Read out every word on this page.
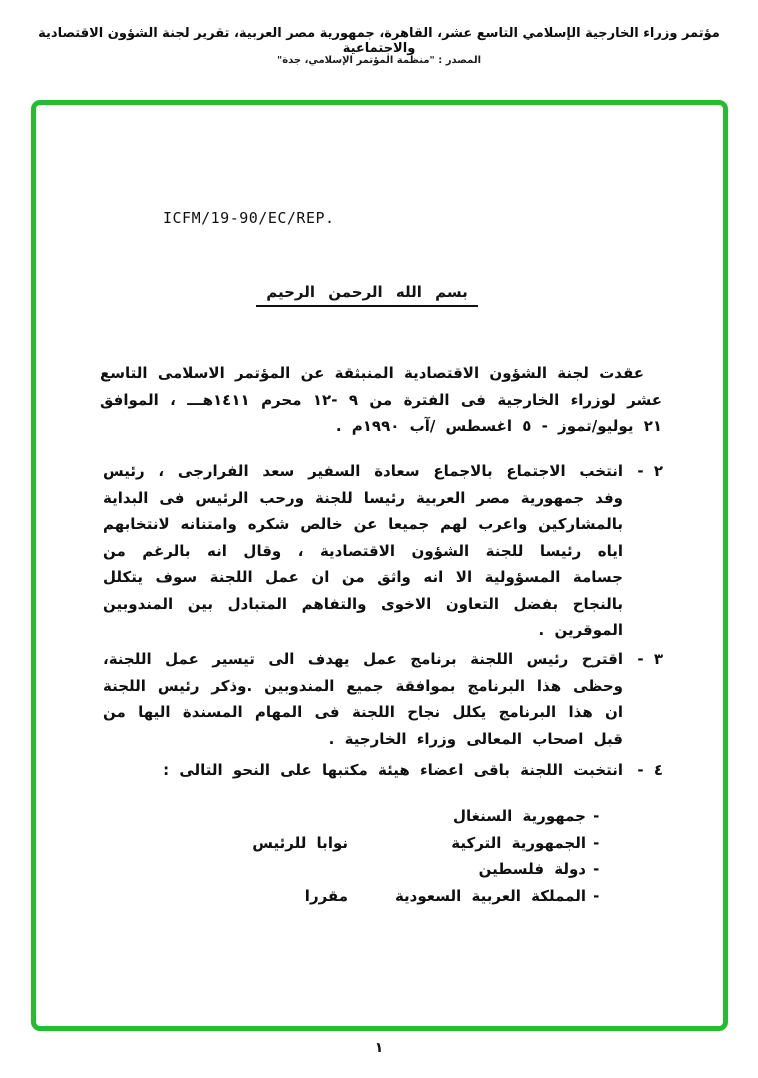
مؤتمر وزراء الخارجية الإسلامي التاسع عشر، القاهرة، جمهورية مصر العربية، تقرير لجنة الشؤون الاقتصادية والاجتماعية
المصدر : "منظمة المؤتمر الإسلامي، جدة"
ICFM/19-90/EC/REP.
بسم الله الرحمن الرحيم
عقدت لجنة الشؤون الاقتصادية المنبثقة عن المؤتمر الاسلامى التاسع عشر لوزراء الخارجية فى الفترة من ٩ -١٢ محرم ١٤١١هـــ ، الموافق ٢١ يوليو/تموز - ٥ اغسطس /آب ١٩٩٠م .
٢ -
انتخب الاجتماع بالاجماع سعادة السفير سعد الفرارجى ، رئيس وفد جمهورية مصر العربية رئيسا للجنة ورحب الرئيس فى البداية بالمشاركين واعرب لهم جميعا عن خالص شكره وامتنانه لانتخابهم اياه رئيسا للجنة الشؤون الاقتصادية ، وقال انه بالرغم من جسامة المسؤولية الا انه واثق من ان عمل اللجنة سوف يتكلل بالنجاح بفضل التعاون الاخوى والتفاهم المتبادل بين المندوبين الموقرين .
٣ -
اقترح رئيس اللجنة برنامج عمل يهدف الى تيسير عمل اللجنة، وحظى هذا البرنامج بموافقة جميع المندوبين .وذكر رئيس اللجنة ان هذا البرنامج يكلل نجاح اللجنة فى المهام المسندة اليها من قبل اصحاب المعالى وزراء الخارجية .
٤ -
انتخبت اللجنة باقى اعضاء هيئة مكتبها على النحو التالى :
-
جمهورية السنغال
-
الجمهورية التركية
نوابا للرئيس
-
دولة فلسطين
-
المملكة العربية السعودية
مقررا
١
